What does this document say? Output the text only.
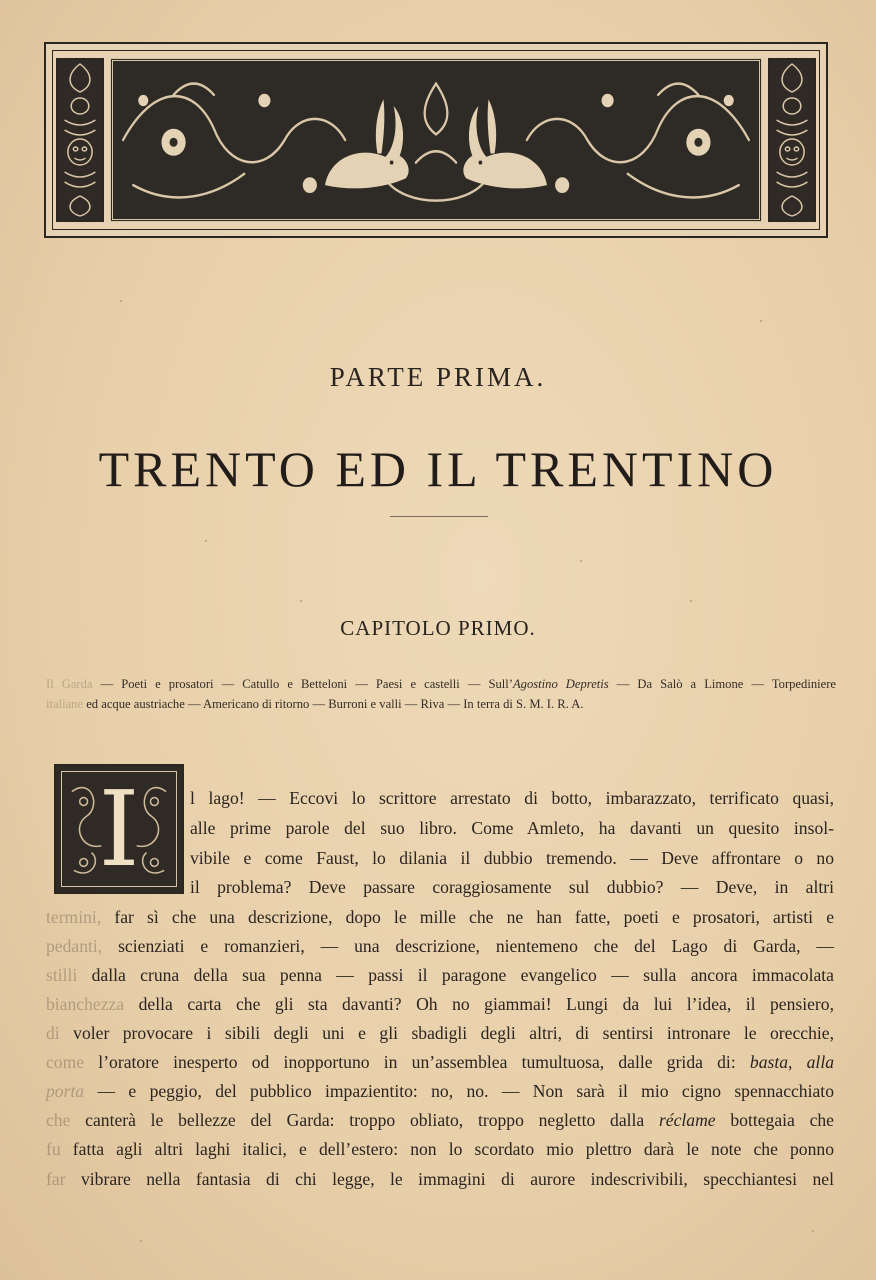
PARTE PRIMA.
TRENTO ED IL TRENTINO
CAPITOLO PRIMO.
Il Garda — Poeti e prosatori — Catullo e Betteloni — Paesi e castelli — Sull’Agostino Depretis — Da Salò a Limone — Torpediniere
italiane ed acque austriache — Americano di ritorno — Burroni e valli — Riva — In terra di S. M. I. R. A.
I	l lago! — Eccovi lo scrittore arrestato di botto, imbarazzato, terrificato quasi,
alle prime parole del suo libro. Come Amleto, ha davanti un quesito insol-
vibile e come Faust, lo dilania il dubbio tremendo. — Deve affrontare o no
il problema? Deve passare coraggiosamente sul dubbio? — Deve, in altri
termini, far sì che una descrizione, dopo le mille che ne han fatte, poeti e prosatori, artisti e
pedanti, scienziati e romanzieri, — una descrizione, nientemeno che del Lago di Garda, —
stilli dalla cruna della sua penna — passi il paragone evangelico — sulla ancora immacolata
bianchezza della carta che gli sta davanti? Oh no giammai! Lungi da lui l’idea, il pensiero,
di voler provocare i sibili degli uni e gli sbadigli degli altri, di sentirsi intronare le orecchie,
come l’oratore inesperto od inopportuno in un’assemblea tumultuosa, dalle grida di: basta, alla
porta — e peggio, del pubblico impazientito: no, no. — Non sarà il mio cigno spennacchiato
che canterà le bellezze del Garda: troppo obliato, troppo negletto dalla réclame bottegaia che
fu fatta agli altri laghi italici, e dell’estero: non lo scordato mio plettro darà le note che ponno
far vibrare nella fantasia di chi legge, le immagini di aurore indescrivibili, specchiantesi nel
